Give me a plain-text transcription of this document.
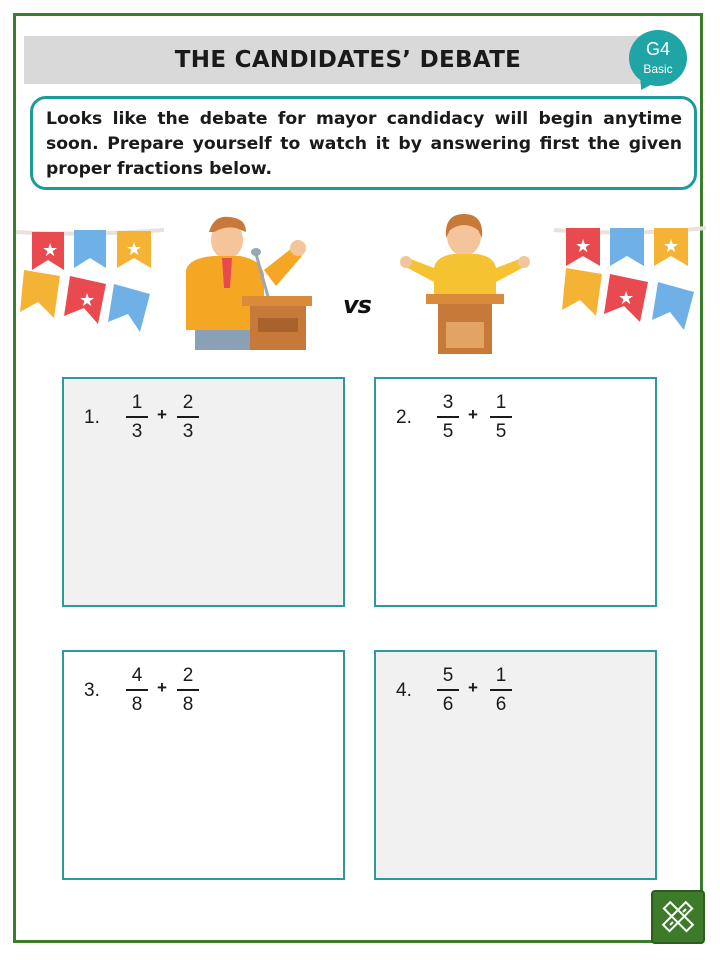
THE CANDIDATES’ DEBATE	G4
Basic

Looks like the debate for mayor candidacy will begin anytime soon. Prepare yourself to watch it by answering first the given proper fractions below.

★	★
★
★	★
★
vs
1.
1
3
+
2
3
2.
3
5
+
1
5
3.
4
8
+
2
8
4.
5
6
+
1
6
